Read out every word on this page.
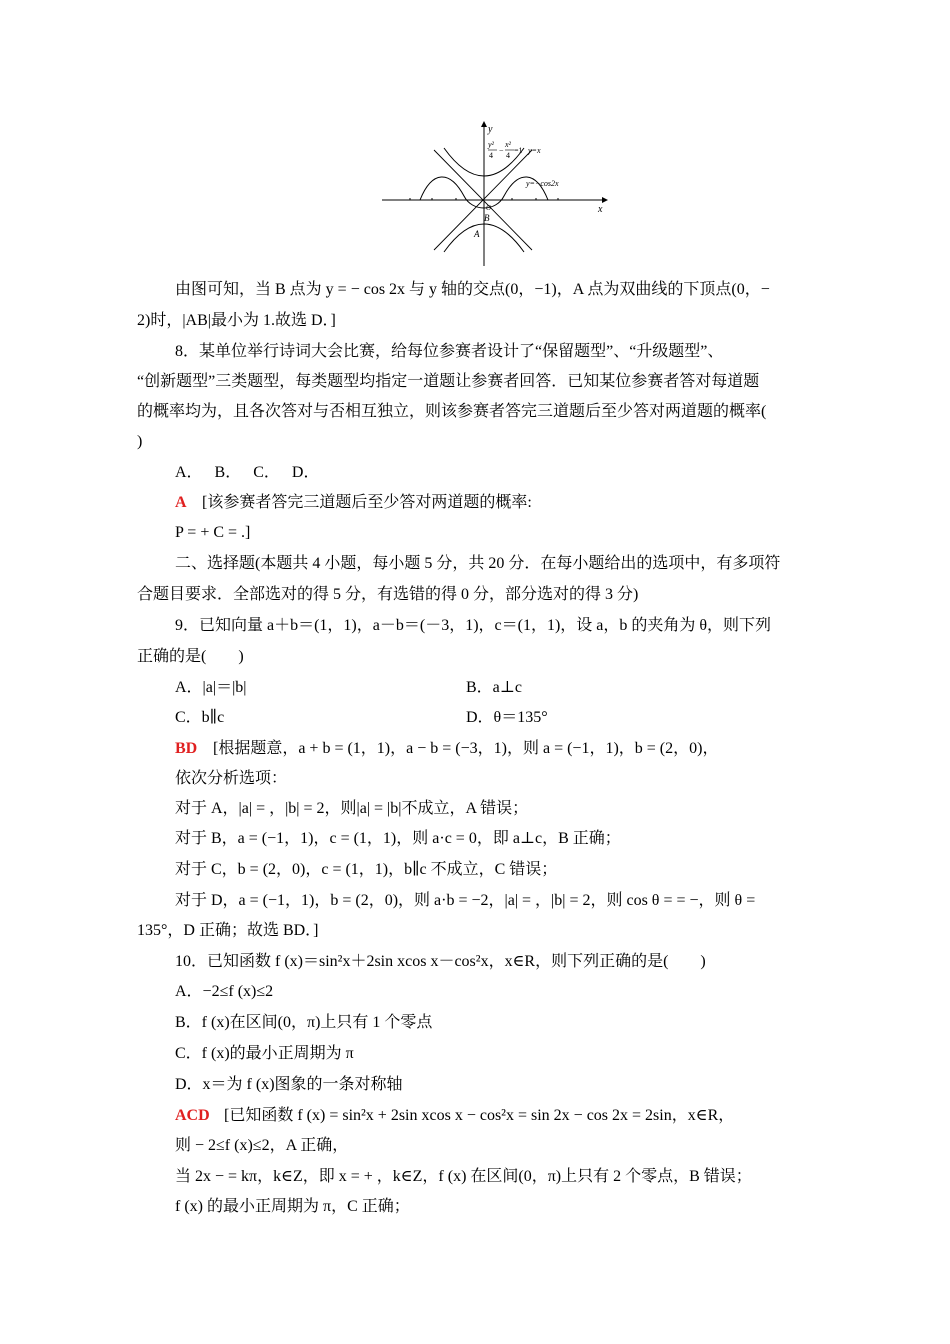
y
x
y²
4
−
x²
4
=1 y=x
y=−cos2x
B
A
O
由图可知，当 B 点为 y = − cos 2x 与 y 轴的交点(0，−1)，A 点为双曲线的下顶点(0，−
2)时，|AB|最小为 1.故选 D．]
8．某单位举行诗词大会比赛，给每位参赛者设计了“保留题型”、“升级题型”、
“创新题型”三类题型，每类题型均指定一道题让参赛者回答．已知某位参赛者答对每道题
的概率均为，且各次答对与否相互独立，则该参赛者答完三道题后至少答对两道题的概率(
)
A．　 B．　 C．　 D．
A [该参赛者答完三道题后至少答对两道题的概率:
P = + C = .]
二、选择题(本题共 4 小题，每小题 5 分，共 20 分．在每小题给出的选项中，有多项符
合题目要求．全部选对的得 5 分，有选错的得 0 分，部分选对的得 3 分)
9．已知向量 a＋b＝(1，1)，a－b＝(－3，1)，c＝(1，1)，设 a，b 的夹角为 θ，则下列
正确的是(　　)
A．|a|＝|b|	B．a⊥c
C．b∥c	D．θ＝135°
BD [根据题意，a + b = (1，1)，a − b = (−3，1)，则 a = (−1，1)，b = (2，0)，
依次分析选项：
对于 A，|a| = ，|b| = 2，则|a| = |b|不成立，A 错误；
对于 B，a = (−1，1)，c = (1，1)，则 a·c = 0，即 a⊥c，B 正确；
对于 C，b = (2，0)，c = (1，1)，b∥c 不成立，C 错误；
对于 D，a = (−1，1)，b = (2，0)，则 a·b = −2，|a| = ，|b| = 2，则 cos θ = = −，则 θ =
135°，D 正确；故选 BD．]
10．已知函数 f (x)＝sin²x＋2sin xcos x－cos²x，x∈R，则下列正确的是(　　)
A．−2≤f (x)≤2
B．f (x)在区间(0，π)上只有 1 个零点
C．f (x)的最小正周期为 π
D．x＝为 f (x)图象的一条对称轴
ACD [已知函数 f (x) = sin²x + 2sin xcos x − cos²x = sin 2x − cos 2x = 2sin，x∈R，
则 − 2≤f (x)≤2，A 正确，
当 2x − = kπ，k∈Z，即 x = + ，k∈Z，f (x) 在区间(0，π)上只有 2 个零点，B 错误；
f (x) 的最小正周期为 π，C 正确；
